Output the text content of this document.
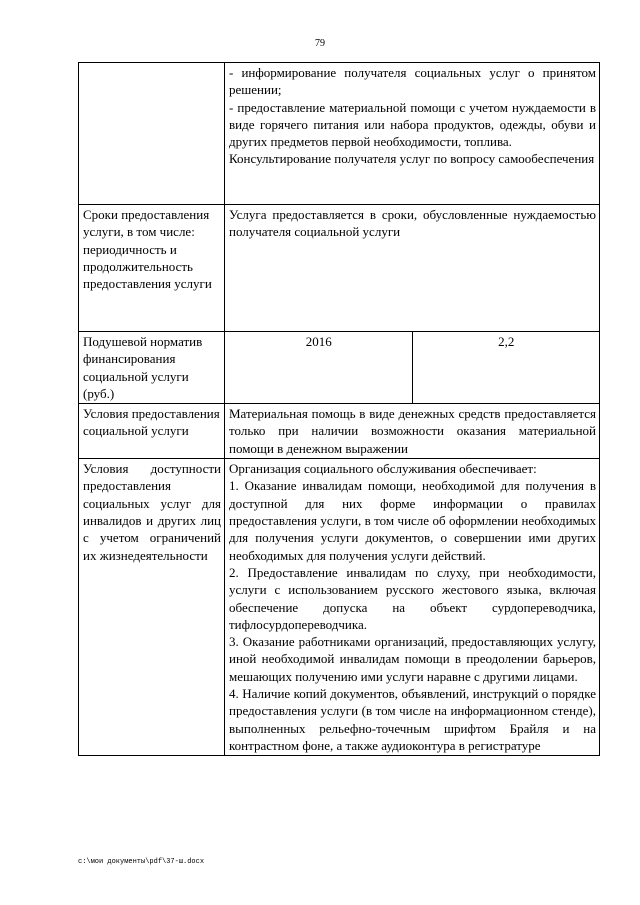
79

	- информирование получателя социальных услуг о принятом решении;

- предоставление материальной помощи с учетом нуждаемости в виде горячего питания или набора продуктов, одежды, обуви и других предметов первой необходимости, топлива.

Консультирование получателя услуг по вопросу самообеспечения	

Сроки предоставления услуги, в том числе: периодичность и продолжительность предоставления услуги	Услуга предоставляется в сроки, обусловленные нуждаемостью получателя социальной услуги	
Подушевой норматив финансирования социальной услуги (руб.)	2016	2,2
Условия предоставления социальной услуги	Материальная помощь в виде денежных средств предоставляется только при наличии возможности оказания материальной помощи в денежном выражении	
Условия доступности предоставления социальных услуг для инвалидов и других лиц с учетом ограничений их жизнедеятельности	Организация социального обслуживания обеспечивает:

1. Оказание инвалидам помощи, необходимой для получения в доступной для них форме информации о правилах предоставления услуги, в том числе об оформлении необходимых для получения услуги документов, о совершении ими других необходимых для получения услуги действий.

2. Предоставление инвалидам по слуху, при необходимости, услуги с использованием русского жестового языка, включая обеспечение допуска на объект сурдопереводчика, тифлосурдопереводчика.

3. Оказание работниками организаций, предоставляющих услугу, иной необходимой инвалидам помощи в преодолении барьеров, мешающих получению ими услуги наравне с другими лицами.

4. Наличие копий документов, объявлений, инструкций о порядке предоставления услуги (в том числе на информационном стенде), выполненных рельефно-точечным шрифтом Брайля и на контрастном фоне, а также аудиоконтура в регистратуре	

c:\мои документы\pdf\37-ш.docx
